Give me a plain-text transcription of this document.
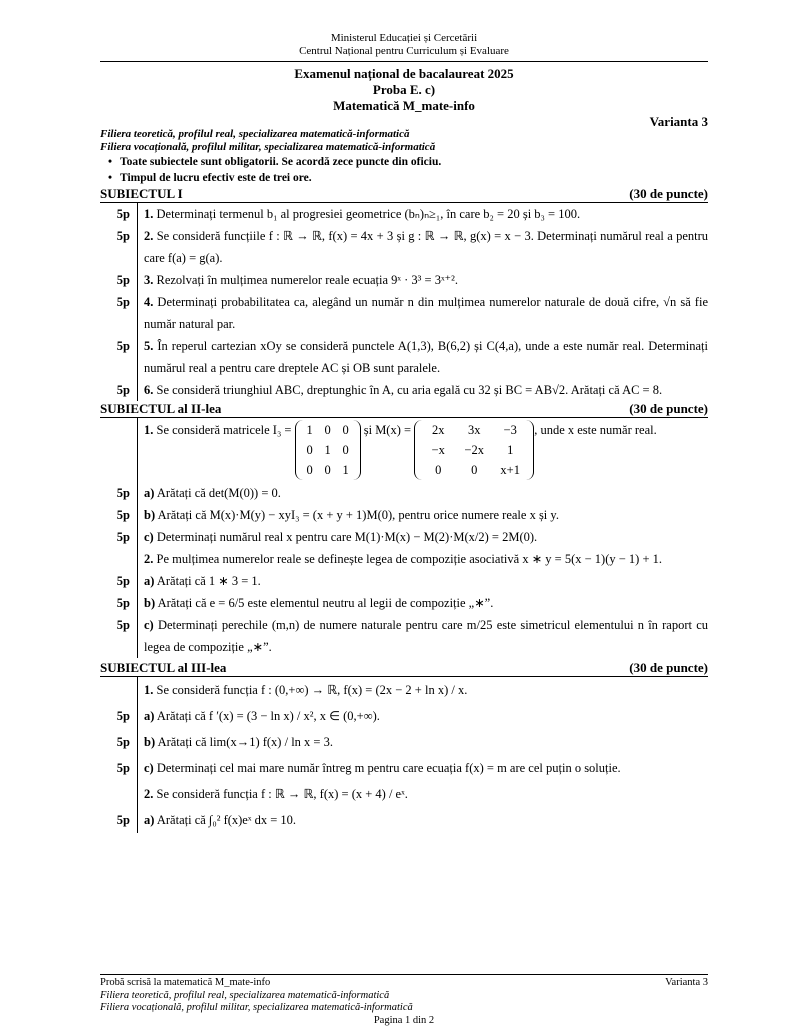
Ministerul Educației și Cercetării
Centrul Național pentru Curriculum și Evaluare
Examenul național de bacalaureat 2025
Proba E. c)
Matematică M_mate-info
Varianta 3
Filiera teoretică, profilul real, specializarea matematică-informatică
Filiera vocațională, profilul militar, specializarea matematică-informatică
• Toate subiectele sunt obligatorii. Se acordă zece puncte din oficiu.
• Timpul de lucru efectiv este de trei ore.
SUBIECTUL I	(30 de puncte)
5p	1. Determinați termenul b₁ al progresiei geometrice (bₙ)ₙ≥₁, în care b₂ = 20 și b₃ = 100.
5p	2. Se consideră funcțiile f : ℝ → ℝ, f(x) = 4x + 3 și g : ℝ → ℝ, g(x) = x − 3. Determinați numărul real a pentru care f(a) = g(a).
5p	3. Rezolvați în mulțimea numerelor reale ecuația 9ˣ · 3³ = 3ˣ⁺².
5p	4. Determinați probabilitatea ca, alegând un număr n din mulțimea numerelor naturale de două cifre, √n să fie număr natural par.
5p	5. În reperul cartezian xOy se consideră punctele A(1,3), B(6,2) și C(4,a), unde a este număr real. Determinați numărul real a pentru care dreptele AC și OB sunt paralele.
5p	6. Se consideră triunghiul ABC, dreptunghic în A, cu aria egală cu 32 și BC = AB√2. Arătați că AC = 8.
SUBIECTUL al II-lea	(30 de puncte)
1. Se consideră matricele I₃ =	1 0 0
0 1 0
0 0 1
și M(x) =	2x	3x	−3
−x	−2x	1
0	0	x+1
, unde x este număr real.
5p	a) Arătați că det(M(0)) = 0.
5p	b) Arătați că M(x)·M(y) − xyI₃ = (x + y + 1)M(0), pentru orice numere reale x și y.
5p	c) Determinați numărul real x pentru care M(1)·M(x) − M(2)·M(x/2) = 2M(0).
2. Pe mulțimea numerelor reale se definește legea de compoziție asociativă x ∗ y = 5(x − 1)(y − 1) + 1.
5p	a) Arătați că 1 ∗ 3 = 1.
5p	b) Arătați că e = 6/5 este elementul neutru al legii de compoziție „∗”.
5p	c) Determinați perechile (m,n) de numere naturale pentru care m/25 este simetricul elementului n în raport cu legea de compoziție „∗”.
SUBIECTUL al III-lea	(30 de puncte)
1. Se consideră funcția f : (0,+∞) → ℝ, f(x) = (2x − 2 + ln x) / x.
5p	a) Arătați că f ′(x) = (3 − ln x) / x², x ∈ (0,+∞).
5p	b) Arătați că lim(x→1) f(x) / ln x = 3.
5p	c) Determinați cel mai mare număr întreg m pentru care ecuația f(x) = m are cel puțin o soluție.
2. Se consideră funcția f : ℝ → ℝ, f(x) = (x + 4) / eˣ.
5p	a) Arătați că ∫₀² f(x)eˣ dx = 10.
Probă scrisă la matematică M_mate-info	Varianta 3
Filiera teoretică, profilul real, specializarea matematică-informatică
Filiera vocațională, profilul militar, specializarea matematică-informatică
Pagina 1 din 2
